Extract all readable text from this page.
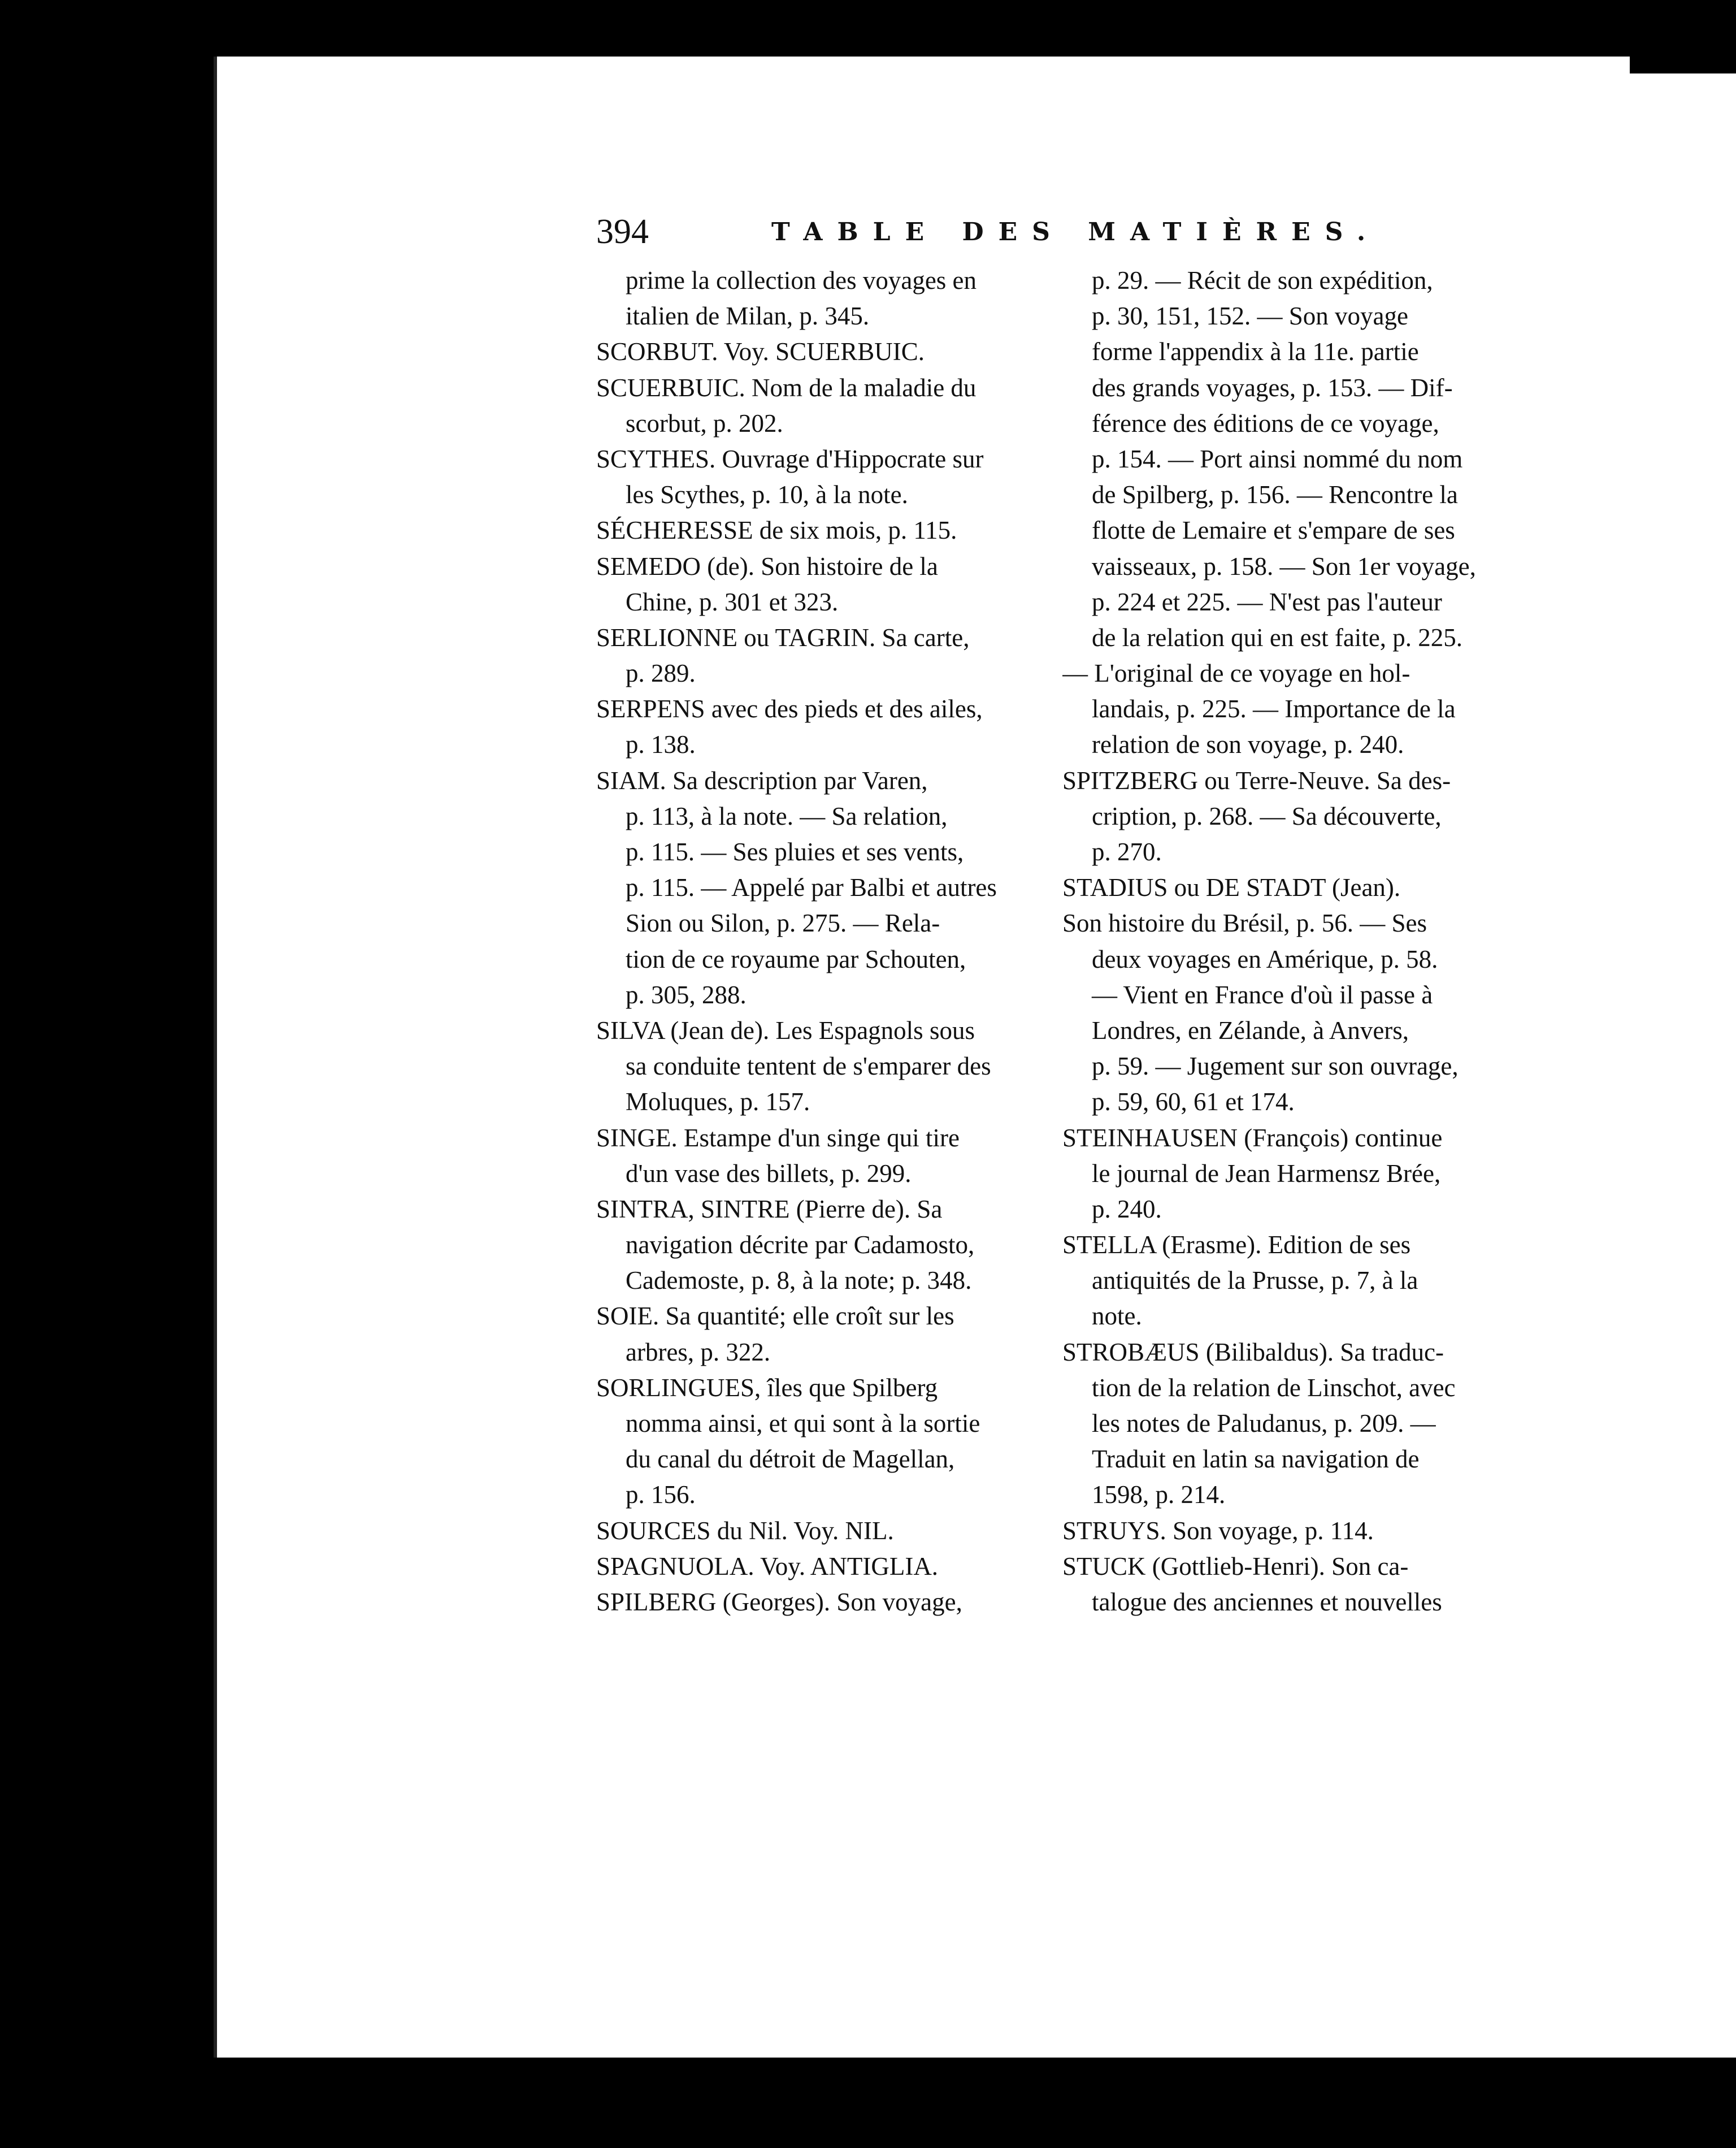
394	TABLE DES MATIÈRES.
prime la collection des voyages en
italien de Milan, p. 345.
SCORBUT. Voy. SCUERBUIC.
SCUERBUIC. Nom de la maladie du
scorbut, p. 202.
SCYTHES. Ouvrage d'Hippocrate sur
les Scythes, p. 10, à la note.
SÉCHERESSE de six mois, p. 115.
SEMEDO (de). Son histoire de la
Chine, p. 301 et 323.
SERLIONNE ou TAGRIN. Sa carte,
p. 289.
SERPENS avec des pieds et des ailes,
p. 138.
SIAM. Sa description par Varen,
p. 113, à la note. — Sa relation,
p. 115. — Ses pluies et ses vents,
p. 115. — Appelé par Balbi et autres
Sion ou Silon, p. 275. — Rela-
tion de ce royaume par Schouten,
p. 305, 288.
SILVA (Jean de). Les Espagnols sous
sa conduite tentent de s'emparer des
Moluques, p. 157.
SINGE. Estampe d'un singe qui tire
d'un vase des billets, p. 299.
SINTRA, SINTRE (Pierre de). Sa
navigation décrite par Cadamosto,
Cademoste, p. 8, à la note; p. 348.
SOIE. Sa quantité; elle croît sur les
arbres, p. 322.
SORLINGUES, îles que Spilberg
nomma ainsi, et qui sont à la sortie
du canal du détroit de Magellan,
p. 156.
SOURCES du Nil. Voy. NIL.
SPAGNUOLA. Voy. ANTIGLIA.
SPILBERG (Georges). Son voyage,
p. 29. — Récit de son expédition,
p. 30, 151, 152. — Son voyage
forme l'appendix à la 11e. partie
des grands voyages, p. 153. — Dif-
férence des éditions de ce voyage,
p. 154. — Port ainsi nommé du nom
de Spilberg, p. 156. — Rencontre la
flotte de Lemaire et s'empare de ses
vaisseaux, p. 158. — Son 1er voyage,
p. 224 et 225. — N'est pas l'auteur
de la relation qui en est faite, p. 225.
— L'original de ce voyage en hol-
landais, p. 225. — Importance de la
relation de son voyage, p. 240.
SPITZBERG ou Terre-Neuve. Sa des-
cription, p. 268. — Sa découverte,
p. 270.
STADIUS ou DE STADT (Jean).
Son histoire du Brésil, p. 56. — Ses
deux voyages en Amérique, p. 58.
— Vient en France d'où il passe à
Londres, en Zélande, à Anvers,
p. 59. — Jugement sur son ouvrage,
p. 59, 60, 61 et 174.
STEINHAUSEN (François) continue
le journal de Jean Harmensz Brée,
p. 240.
STELLA (Erasme). Edition de ses
antiquités de la Prusse, p. 7, à la
note.
STROBÆUS (Bilibaldus). Sa traduc-
tion de la relation de Linschot, avec
les notes de Paludanus, p. 209. —
Traduit en latin sa navigation de
1598, p. 214.
STRUYS. Son voyage, p. 114.
STUCK (Gottlieb-Henri). Son ca-
talogue des anciennes et nouvelles
